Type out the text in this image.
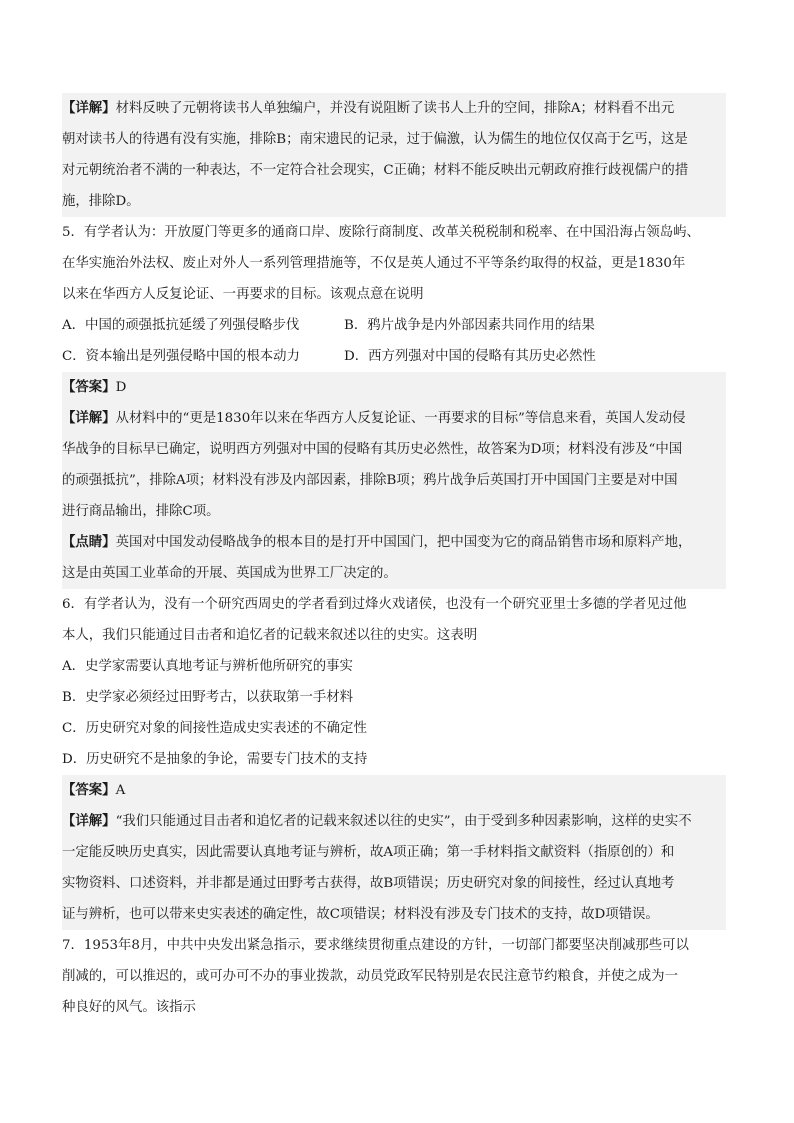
【详解】材料反映了元朝将读书人单独编户，并没有说阻断了读书人上升的空间，排除A；材料看不出元
朝对读书人的待遇有没有实施，排除B；南宋遗民的记录，过于偏激，认为儒生的地位仅仅高于乞丐，这是
对元朝统治者不满的一种表达，不一定符合社会现实，C正确；材料不能反映出元朝政府推行歧视儒户的措
施，排除D。
5．有学者认为：开放厦门等更多的通商口岸、废除行商制度、改革关税税制和税率、在中国沿海占领岛屿、
在华实施治外法权、废止对外人一系列管理措施等，不仅是英人通过不平等条约取得的权益，更是1830年
以来在华西方人反复论证、一再要求的目标。该观点意在说明
A．中国的顽强抵抗延缓了列强侵略步伐	B．鸦片战争是内外部因素共同作用的结果
C．资本输出是列强侵略中国的根本动力	D．西方列强对中国的侵略有其历史必然性
【答案】D
【详解】从材料中的“更是1830年以来在华西方人反复论证、一再要求的目标”等信息来看，英国人发动侵
华战争的目标早已确定，说明西方列强对中国的侵略有其历史必然性，故答案为D项；材料没有涉及“中国
的顽强抵抗”，排除A项；材料没有涉及内部因素，排除B项；鸦片战争后英国打开中国国门主要是对中国
进行商品输出，排除C项。
【点睛】英国对中国发动侵略战争的根本目的是打开中国国门，把中国变为它的商品销售市场和原料产地，
这是由英国工业革命的开展、英国成为世界工厂决定的。
6．有学者认为，没有一个研究西周史的学者看到过烽火戏诸侯，也没有一个研究亚里士多德的学者见过他
本人，我们只能通过目击者和追忆者的记载来叙述以往的史实。这表明
A．史学家需要认真地考证与辨析他所研究的事实
B．史学家必须经过田野考古，以获取第一手材料
C．历史研究对象的间接性造成史实表述的不确定性
D．历史研究不是抽象的争论，需要专门技术的支持
【答案】A
【详解】“我们只能通过目击者和追忆者的记载来叙述以往的史实”，由于受到多种因素影响，这样的史实不
一定能反映历史真实，因此需要认真地考证与辨析，故A项正确；第一手材料指文献资料（指原创的）和
实物资料、口述资料，并非都是通过田野考古获得，故B项错误；历史研究对象的间接性，经过认真地考
证与辨析，也可以带来史实表述的确定性，故C项错误；材料没有涉及专门技术的支持，故D项错误。
7．1953年8月，中共中央发出紧急指示，要求继续贯彻重点建设的方针，一切部门都要坚决削减那些可以
削减的，可以推迟的，或可办可不办的事业拨款，动员党政军民特别是农民注意节约粮食，并使之成为一
种良好的风气。该指示
